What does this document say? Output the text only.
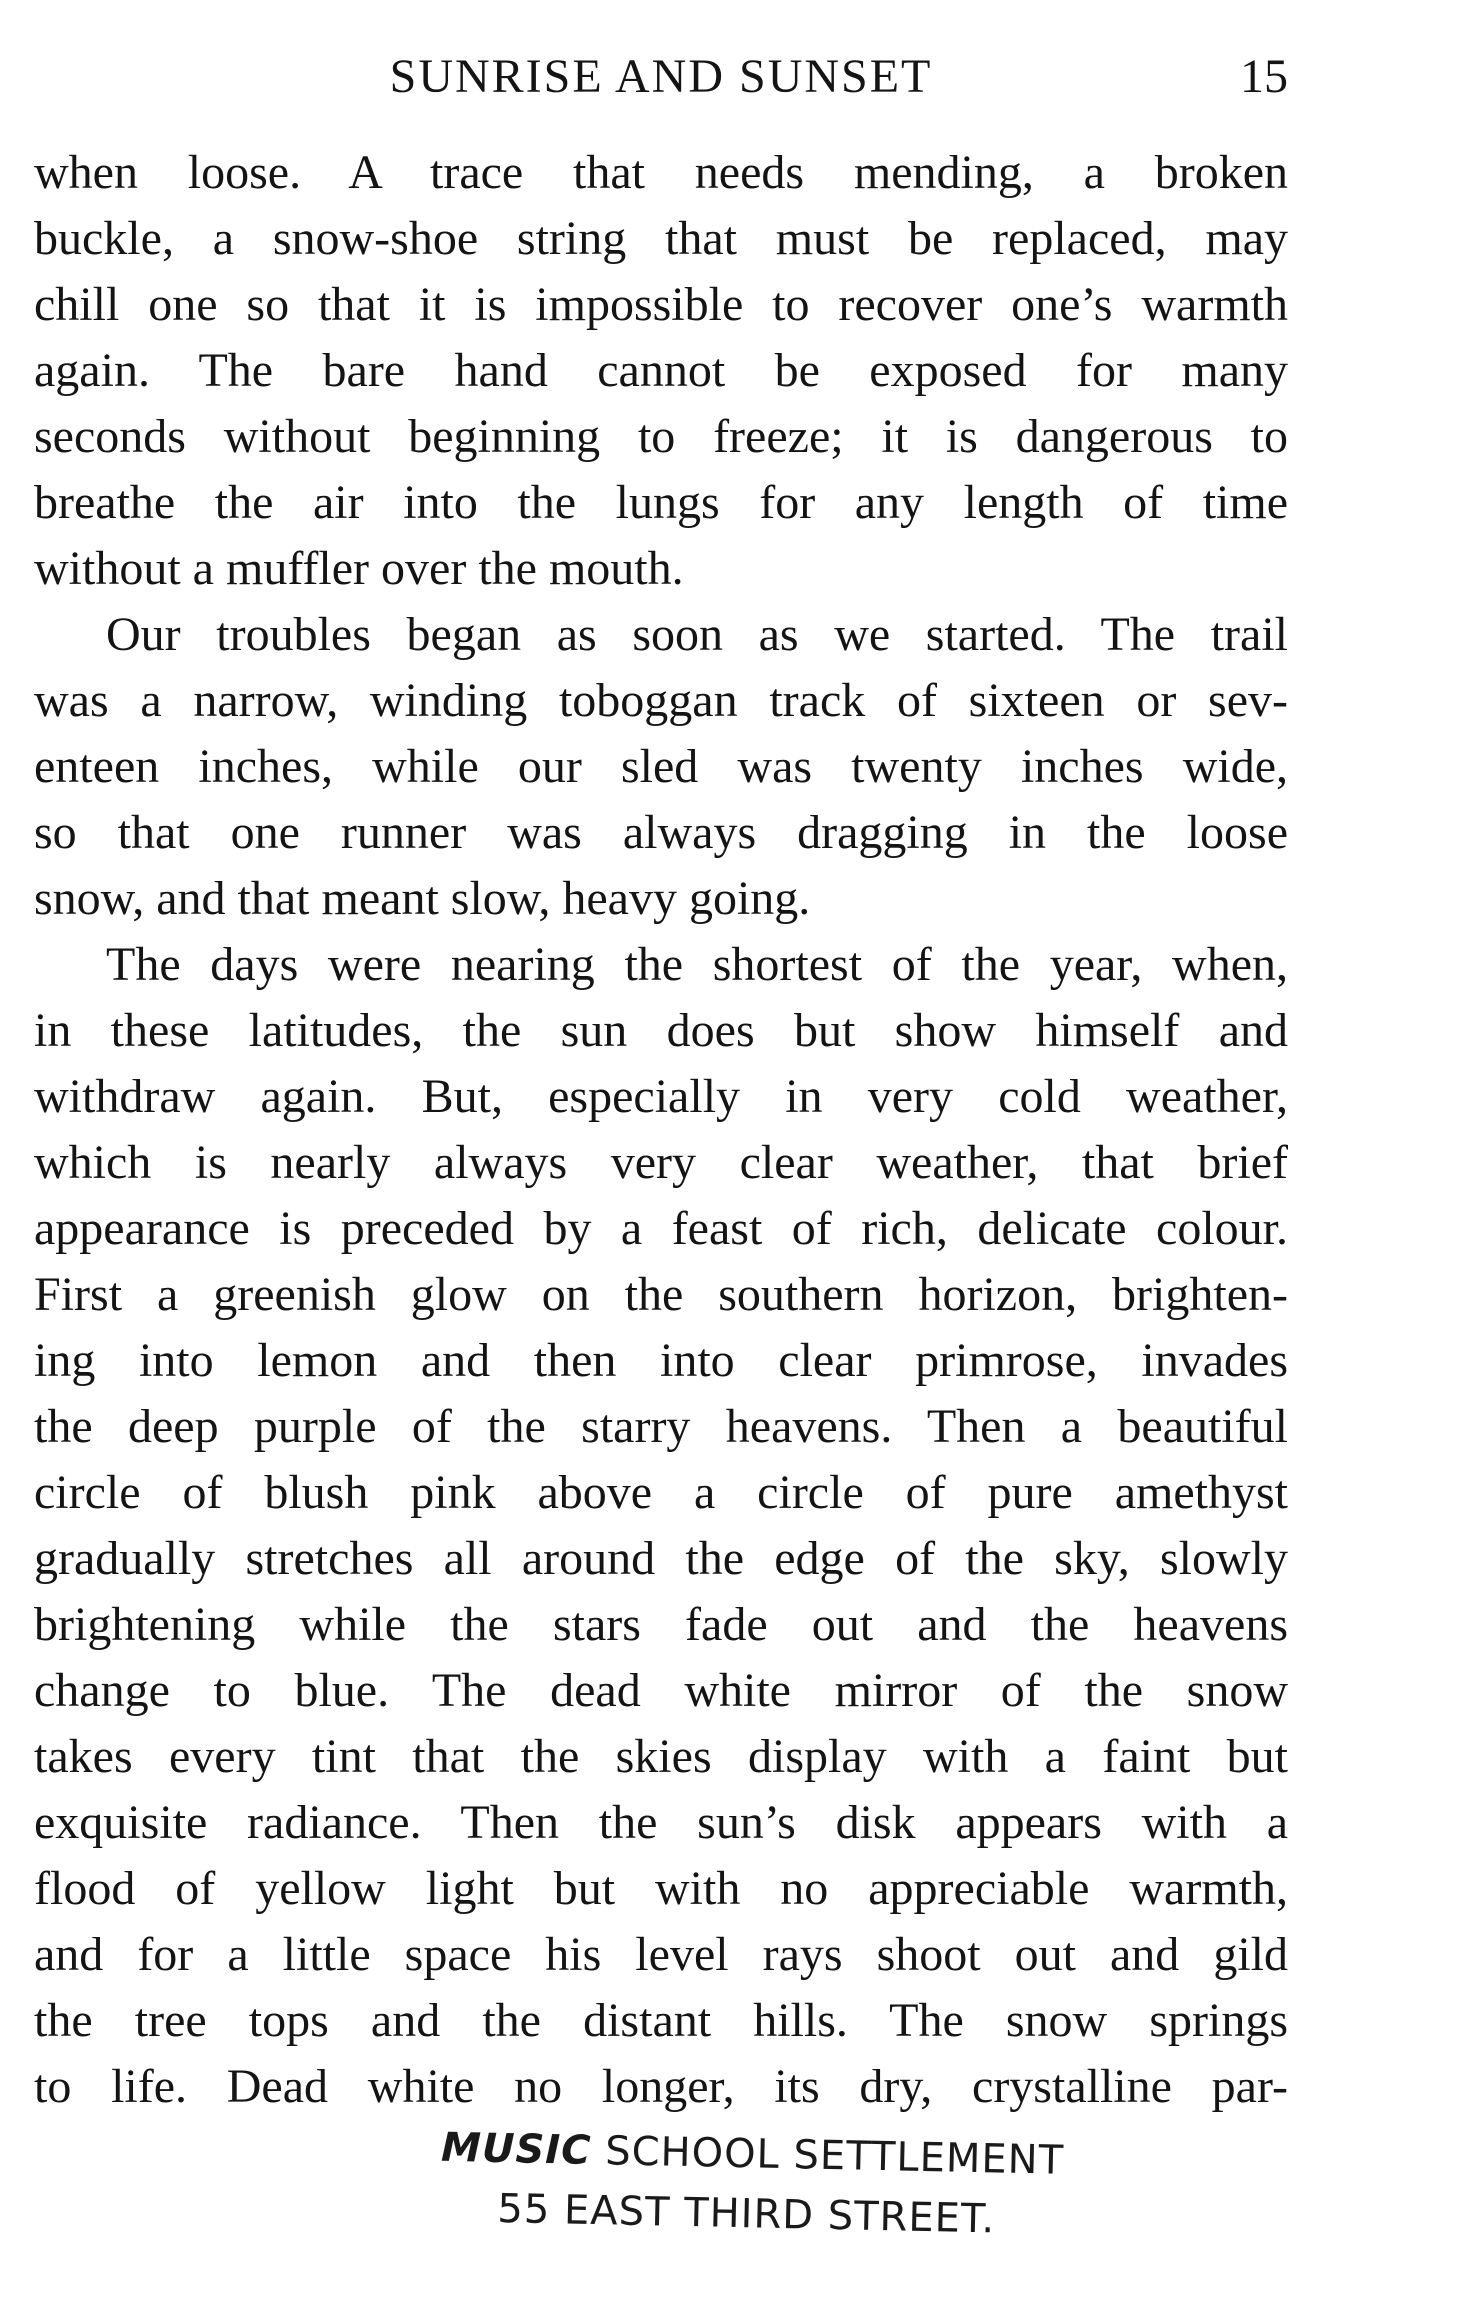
SUNRISE AND SUNSET	15
when loose. A trace that needs mending, a broken
buckle, a snow-shoe string that must be replaced, may
chill one so that it is impossible to recover one’s warmth
again. The bare hand cannot be exposed for many
seconds without beginning to freeze; it is dangerous to
breathe the air into the lungs for any length of time
without a muffler over the mouth.
Our troubles began as soon as we started. The trail
was a narrow, winding toboggan track of sixteen or sev-
enteen inches, while our sled was twenty inches wide,
so that one runner was always dragging in the loose
snow, and that meant slow, heavy going.
The days were nearing the shortest of the year, when,
in these latitudes, the sun does but show himself and
withdraw again. But, especially in very cold weather,
which is nearly always very clear weather, that brief
appearance is preceded by a feast of rich, delicate colour.
First a greenish glow on the southern horizon, brighten-
ing into lemon and then into clear primrose, invades
the deep purple of the starry heavens. Then a beautiful
circle of blush pink above a circle of pure amethyst
gradually stretches all around the edge of the sky, slowly
brightening while the stars fade out and the heavens
change to blue. The dead white mirror of the snow
takes every tint that the skies display with a faint but
exquisite radiance. Then the sun’s disk appears with a
flood of yellow light but with no appreciable warmth,
and for a little space his level rays shoot out and gild
the tree tops and the distant hills. The snow springs
to life. Dead white no longer, its dry, crystalline par-
MUSIC SCHOOL SETTLEMENT
55 EAST THIRD STREET.
